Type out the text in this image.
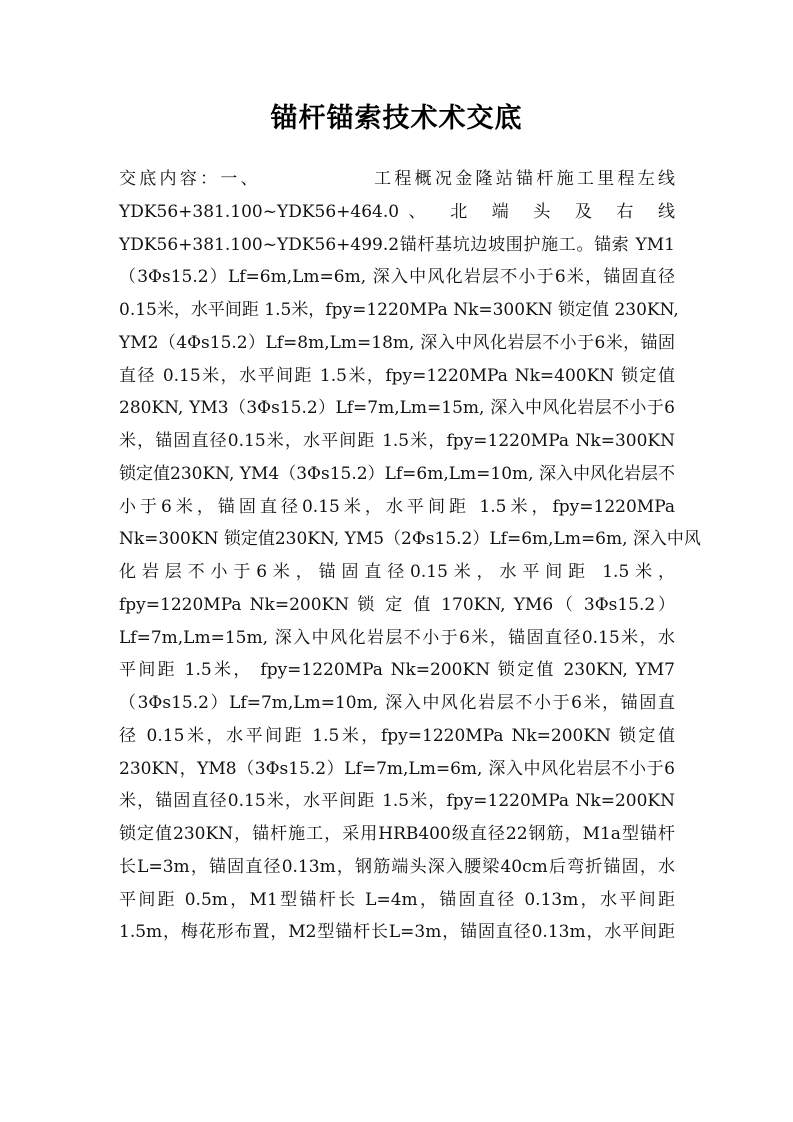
锚杆锚索技术术交底
交底内容：一、　　　　　　工程概况金隆站锚杆施工里程左线
YDK56+381.100~YDK56+464.0、 北 端 头 及 右 线
YDK56+381.100~YDK56+499.2锚杆基坑边坡围护施工。锚索 YM1
（3Φs15.2）Lf=6m,Lm=6m, 深入中风化岩层不小于6米，锚固直径
0.15米，水平间距 1.5米，fpy=1220MPa Nk=300KN 锁定值 230KN,
YM2（4Φs15.2）Lf=8m,Lm=18m, 深入中风化岩层不小于6米，锚固
直径 0.15米，水平间距 1.5米，fpy=1220MPa Nk=400KN 锁定值
280KN, YM3（3Φs15.2）Lf=7m,Lm=15m, 深入中风化岩层不小于6
米，锚固直径0.15米，水平间距 1.5米，fpy=1220MPa Nk=300KN
锁定值230KN, YM4（3Φs15.2）Lf=6m,Lm=10m, 深入中风化岩层不
小于6米，锚固直径0.15米，水平间距 1.5米，fpy=1220MPa
Nk=300KN 锁定值230KN, YM5（2Φs15.2）Lf=6m,Lm=6m, 深入中风
化岩层不小于6米，锚固直径0.15米，水平间距 1.5米，
fpy=1220MPa Nk=200KN 锁 定 值 170KN, YM6（ 3Φs15.2）
Lf=7m,Lm=15m, 深入中风化岩层不小于6米，锚固直径0.15米，水
平间距 1.5米， fpy=1220MPa Nk=200KN 锁定值 230KN, YM7
（3Φs15.2）Lf=7m,Lm=10m, 深入中风化岩层不小于6米，锚固直
径 0.15米，水平间距 1.5米，fpy=1220MPa Nk=200KN 锁定值
230KN，YM8（3Φs15.2）Lf=7m,Lm=6m, 深入中风化岩层不小于6
米，锚固直径0.15米，水平间距 1.5米，fpy=1220MPa Nk=200KN
锁定值230KN，锚杆施工，采用HRB400级直径22钢筋，M1a型锚杆
长L=3m，锚固直径0.13m，钢筋端头深入腰梁40cm后弯折锚固，水
平间距 0.5m，M1型锚杆长 L=4m，锚固直径 0.13m，水平间距
1.5m，梅花形布置，M2型锚杆长L=3m，锚固直径0.13m，水平间距
